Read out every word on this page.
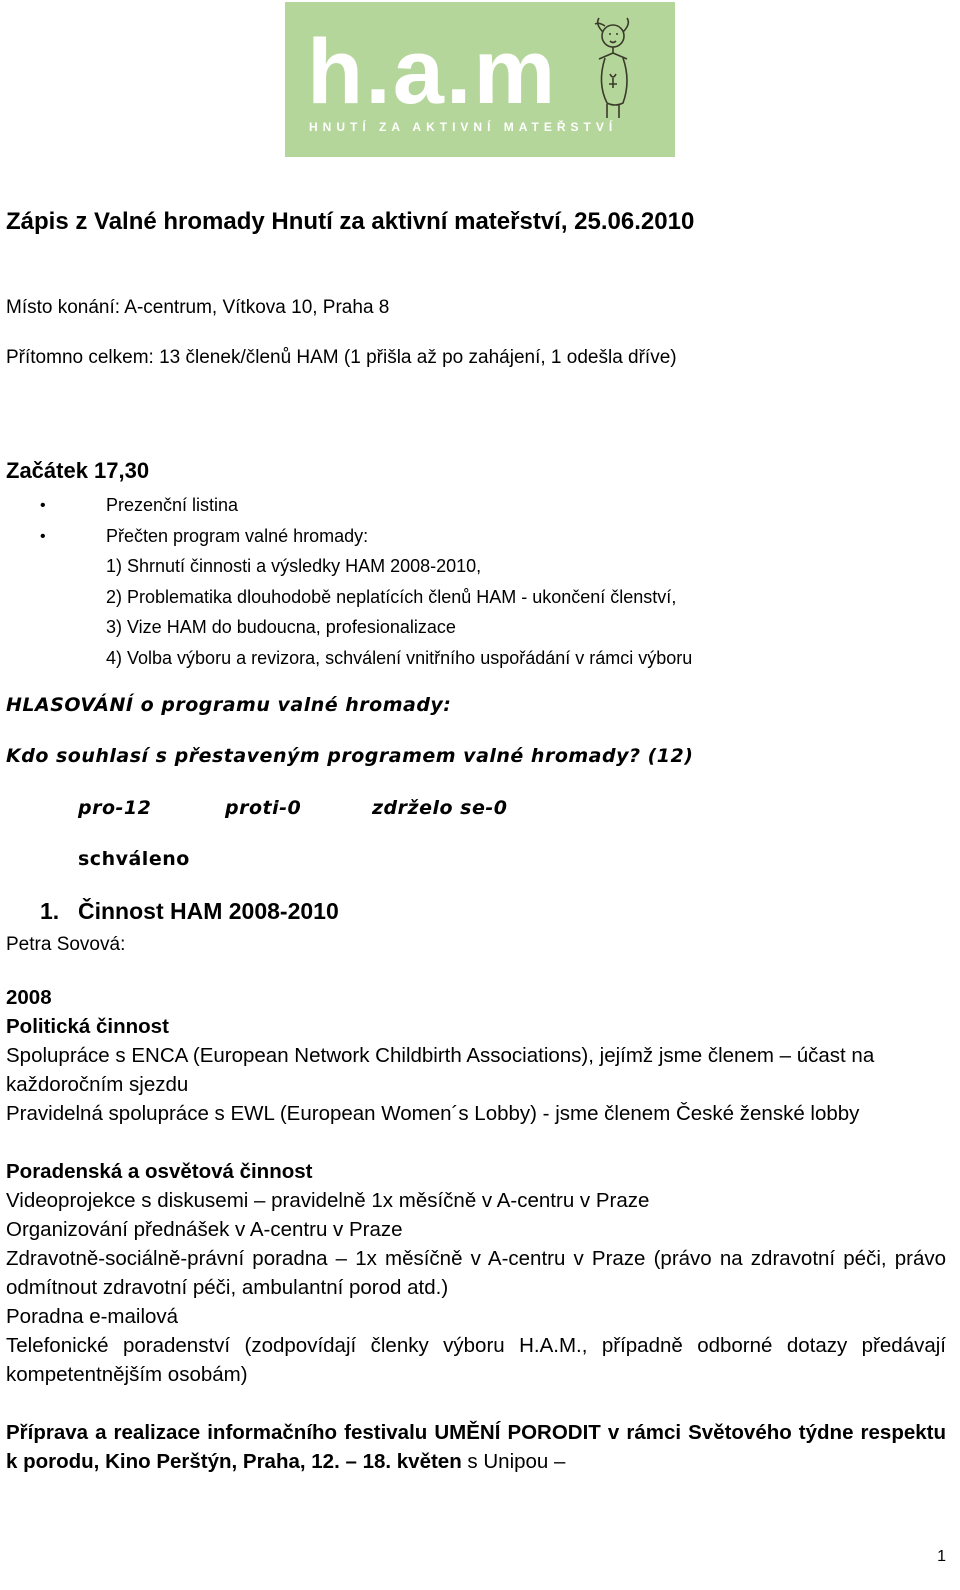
h.a.m
HNUTÍ ZA AKTIVNÍ MATEŘSTVÍ
Zápis z Valné hromady Hnutí za aktivní mateřství, 25.06.2010
Místo konání: A-centrum, Vítkova 10, Praha 8
Přítomno celkem: 13 členek/členů HAM (1 přišla až po zahájení, 1 odešla dříve)
Začátek 17,30
• Prezenční listina
• Přečten program valné hromady:
1) Shrnutí činnosti a výsledky HAM 2008-2010,
2) Problematika dlouhodobě neplatících členů HAM - ukončení členství,
3) Vize HAM do budoucna, profesionalizace
4) Volba výboru a revizora, schválení vnitřního uspořádání v rámci výboru
HLASOVÁNÍ o programu valné hromady:
Kdo souhlasí s přestaveným programem valné hromady? (12)
pro-12	proti-0	zdrželo se-0
schváleno
1. Činnost HAM 2008-2010
Petra Sovová:

2008

Politická činnost

Spolupráce s ENCA (European Network Childbirth Associations), jejímž jsme členem – účast na každoročním sjezdu

Pravidelná spolupráce s EWL (European Women´s Lobby) - jsme členem České ženské lobby

Poradenská a osvětová činnost

Videoprojekce s diskusemi – pravidelně 1x měsíčně v A-centru v Praze

Organizování přednášek v A-centru v Praze

Zdravotně-sociálně-právní poradna – 1x měsíčně v A-centru v Praze (právo na zdravotní péči, právo odmítnout zdravotní péči, ambulantní porod atd.)

Poradna e-mailová

Telefonické poradenství (zodpovídají členky výboru H.A.M., případně odborné dotazy předávají kompetentnějším osobám)

Příprava a realizace informačního festivalu UMĚNÍ PORODIT v rámci Světového týdne respektu k porodu, Kino Perštýn, Praha, 12. – 18. květen s Unipou –

1
